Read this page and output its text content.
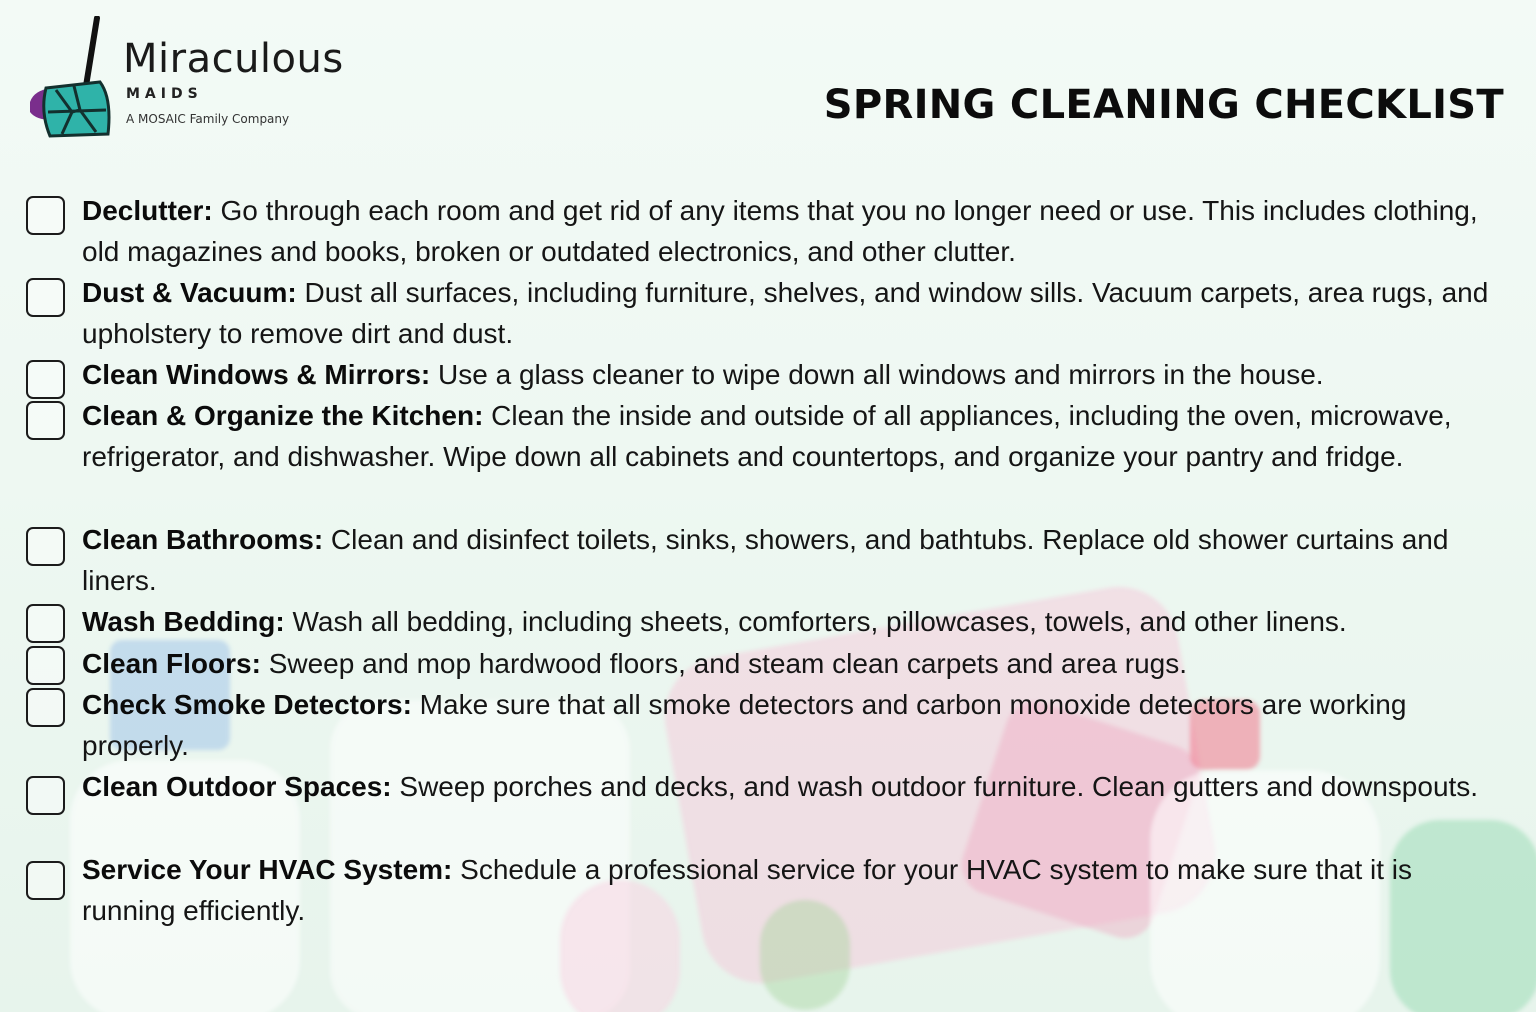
Miraculous
MAIDS
A MOSAIC Family Company	SPRING CLEANING CHECKLIST
Declutter: Go through each room and get rid of any items that you no longer need or use. This includes clothing, old magazines and books, broken or outdated electronics, and other clutter.
Dust & Vacuum: Dust all surfaces, including furniture, shelves, and window sills. Vacuum carpets, area rugs, and upholstery to remove dirt and dust.
Clean Windows & Mirrors: Use a glass cleaner to wipe down all windows and mirrors in the house.
Clean & Organize the Kitchen: Clean the inside and outside of all appliances, including the oven, microwave, refrigerator, and dishwasher. Wipe down all cabinets and countertops, and organize your pantry and fridge.
Clean Bathrooms: Clean and disinfect toilets, sinks, showers, and bathtubs. Replace old shower curtains and liners.
Wash Bedding: Wash all bedding, including sheets, comforters, pillowcases, towels, and other linens.
Clean Floors: Sweep and mop hardwood floors, and steam clean carpets and area rugs.
Check Smoke Detectors: Make sure that all smoke detectors and carbon monoxide detectors are working properly.
Clean Outdoor Spaces: Sweep porches and decks, and wash outdoor furniture. Clean gutters and downspouts.
Service Your HVAC System: Schedule a professional service for your HVAC system to make sure that it is running efficiently.
